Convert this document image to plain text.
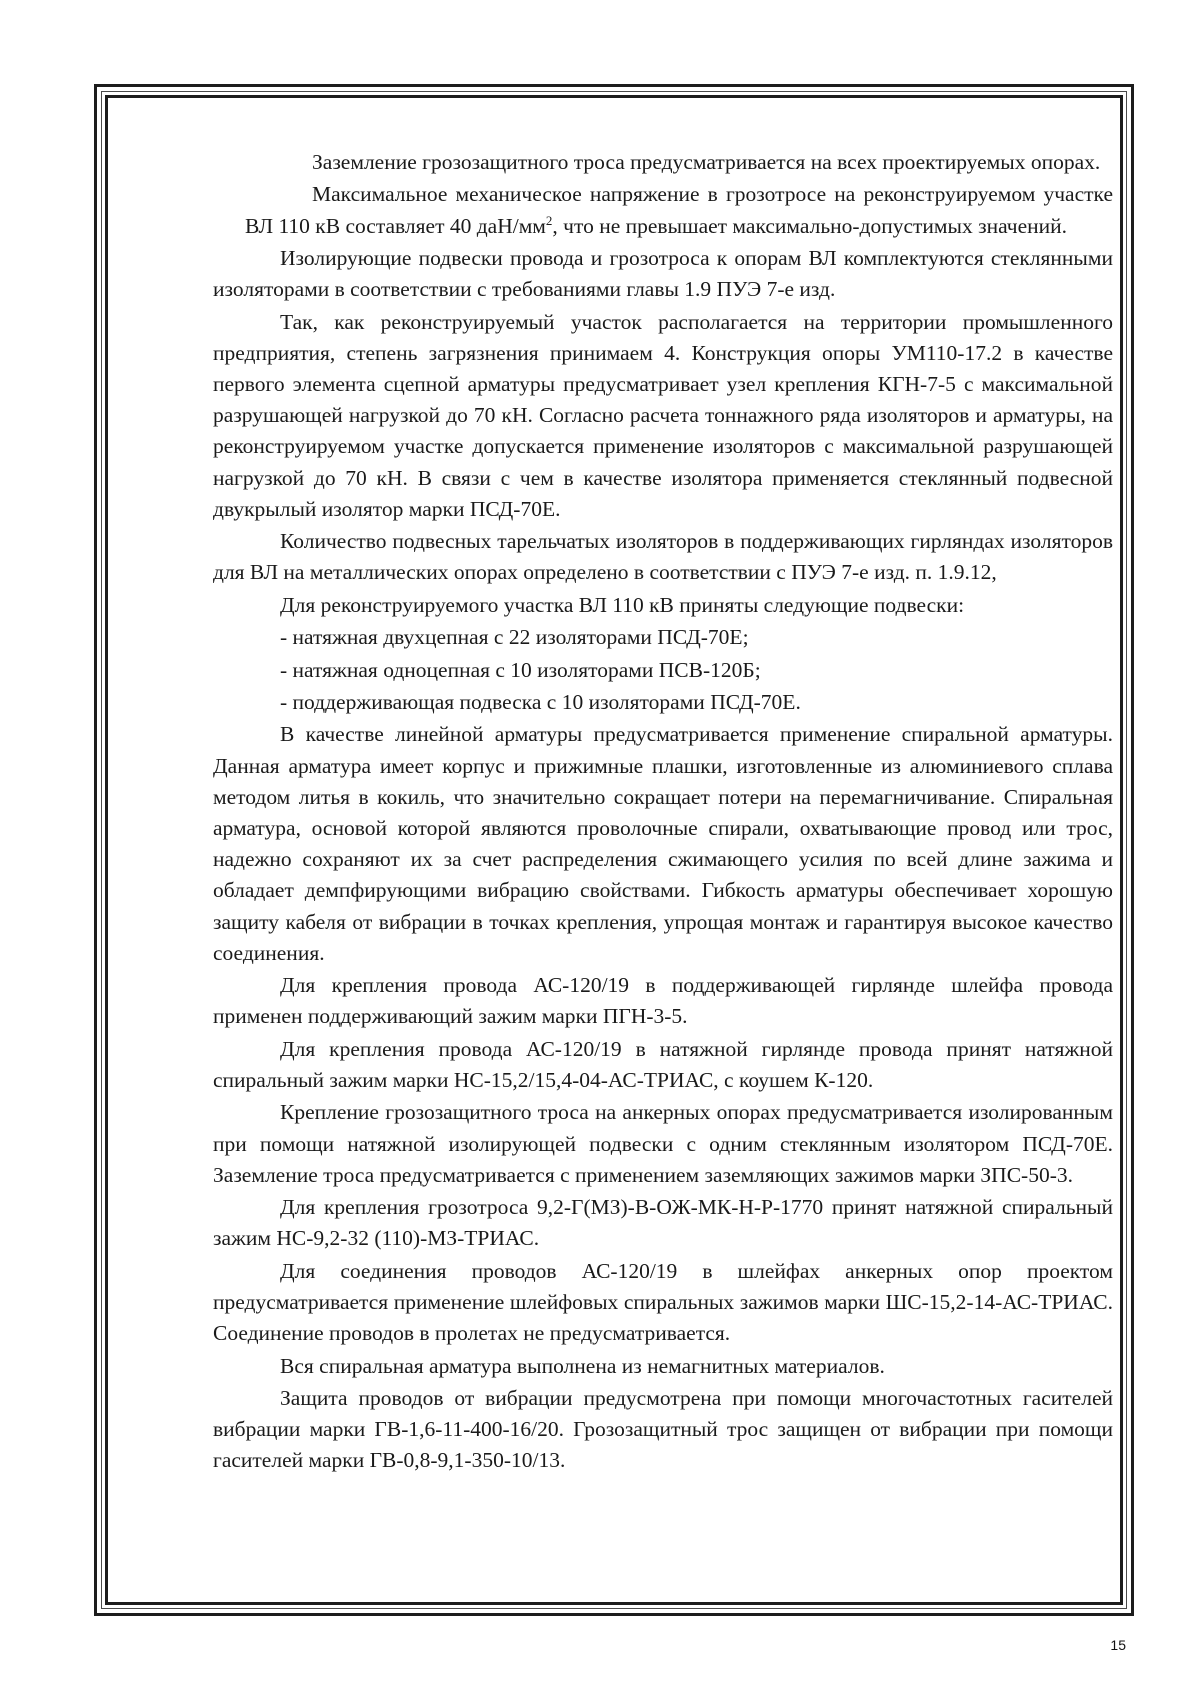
Заземление грозозащитного троса предусматривается на всех проектируемых опорах.

Максимальное механическое напряжение в грозотросе на реконструируемом участке ВЛ 110 кВ составляет 40 даН/$мм^2$, что не превышает максимально-допустимых значений.

Изолирующие подвески провода и грозотроса к опорам ВЛ комплектуются стеклянными изоляторами в соответствии с требованиями главы 1.9 ПУЭ 7-е изд.

Так, как реконструируемый участок располагается на территории промышленного предприятия, степень загрязнения принимаем 4. Конструкция опоры УМ110-17.2 в качестве первого элемента сцепной арматуры предусматривает узел крепления КГН-7-5 с максимальной разрушающей нагрузкой до 70 кН. Согласно расчета тоннажного ряда изоляторов и арматуры, на реконструируемом участке допускается применение изоляторов с максимальной разрушающей нагрузкой до 70 кН. В связи с чем в качестве изолятора применяется стеклянный подвесной двукрылый изолятор марки ПСД-70Е.

Количество подвесных тарельчатых изоляторов в поддерживающих гирляндах изоляторов для ВЛ на металлических опорах определено в соответствии с ПУЭ 7-е изд. п. 1.9.12,

Для реконструируемого участка ВЛ 110 кВ приняты следующие подвески:

- натяжная двухцепная с 22 изоляторами ПСД-70Е;

- натяжная одноцепная с 10 изоляторами ПСВ-120Б;

- поддерживающая подвеска с 10 изоляторами ПСД-70Е.

В качестве линейной арматуры предусматривается применение спиральной арматуры. Данная арматура имеет корпус и прижимные плашки, изготовленные из алюминиевого сплава методом литья в кокиль, что значительно сокращает потери на перемагничивание. Спиральная арматура, основой которой являются проволочные спирали, охватывающие провод или трос, надежно сохраняют их за счет распределения сжимающего усилия по всей длине зажима и обладает демпфирующими вибрацию свойствами. Гибкость арматуры обеспечивает хорошую защиту кабеля от вибрации в точках крепления, упрощая монтаж и гарантируя высокое качество соединения.

Для крепления провода АС-120/19 в поддерживающей гирлянде шлейфа провода применен поддерживающий зажим марки ПГН-3-5.

Для крепления провода АС-120/19 в натяжной гирлянде провода принят натяжной спиральный зажим марки НС-15,2/15,4-04-АС-ТРИАС, с коушем К-120.

Крепление грозозащитного троса на анкерных опорах предусматривается изолированным при помощи натяжной изолирующей подвески с одним стеклянным изолятором ПСД-70Е. Заземление троса предусматривается с применением заземляющих зажимов марки ЗПС-50-3.

Для крепления грозотроса 9,2-Г(МЗ)-В-ОЖ-МК-Н-Р-1770 принят натяжной спиральный зажим НС-9,2-32 (110)-МЗ-ТРИАС.

Для соединения проводов АС-120/19 в шлейфах анкерных опор проектом предусматривается применение шлейфовых спиральных зажимов марки ШС-15,2-14-АС-ТРИАС. Соединение проводов в пролетах не предусматривается.

Вся спиральная арматура выполнена из немагнитных материалов.

Защита проводов от вибрации предусмотрена при помощи многочастотных гасителей вибрации марки ГВ-1,6-11-400-16/20. Грозозащитный трос защищен от вибрации при помощи гасителей марки ГВ-0,8-9,1-350-10/13.

15
